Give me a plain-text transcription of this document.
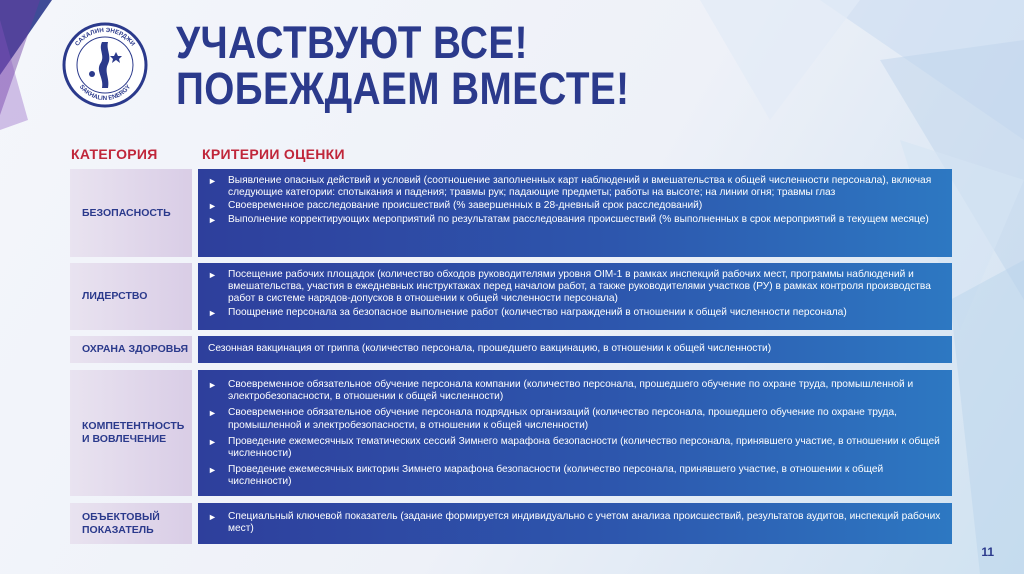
САХАЛИН ЭНЕРДЖИ
SAKHALIN ENERGY
УЧАСТВУЮТ ВСЕ!
ПОБЕЖДАЕМ ВМЕСТЕ!
КАТЕГОРИЯ	КРИТЕРИИ ОЦЕНКИ
БЕЗОПАСНОСТЬ
► Выявление опасных действий и условий (соотношение заполненных карт наблюдений и вмешательства к общей численности персонала), включая следующие категории: спотыкания и падения; травмы рук; падающие предметы; работы на высоте; на линии огня; травмы глаз
► Своевременное расследование происшествий (% завершенных в 28-дневный срок расследований)
► Выполнение корректирующих мероприятий по результатам расследования происшествий (% выполненных в срок мероприятий в текущем месяце)
ЛИДЕРСТВО
► Посещение рабочих площадок (количество обходов руководителями уровня OIM-1 в рамках инспекций рабочих мест, программы наблюдений и вмешательства, участия в ежедневных инструктажах перед началом работ, а также руководителями участков (РУ) в рамках контроля производства работ в системе нарядов-допусков в отношении к общей численности персонала)
► Поощрение персонала за безопасное выполнение работ (количество награждений в отношении к общей численности персонала)
ОХРАНА ЗДОРОВЬЯ	Сезонная вакцинация от гриппа (количество персонала, прошедшего вакцинацию, в отношении к общей численности)
КОМПЕТЕНТНОСТЬ И ВОВЛЕЧЕНИЕ
► Своевременное обязательное обучение персонала компании (количество персонала, прошедшего обучение по охране труда, промышленной и электробезопасности, в отношении к общей численности)
► Своевременное обязательное обучение персонала подрядных организаций (количество персонала, прошедшего обучение по охране труда, промышленной и электробезопасности, в отношении к общей численности)
► Проведение ежемесячных тематических сессий Зимнего марафона безопасности (количество персонала, принявшего участие, в отношении к общей численности)
► Проведение ежемесячных викторин Зимнего марафона безопасности (количество персонала, принявшего участие, в отношении к общей численности)
ОБЪЕКТОВЫЙ ПОКАЗАТЕЛЬ
► Специальный ключевой показатель (задание формируется индивидуально с учетом анализа происшествий, результатов аудитов, инспекций рабочих мест)
11
